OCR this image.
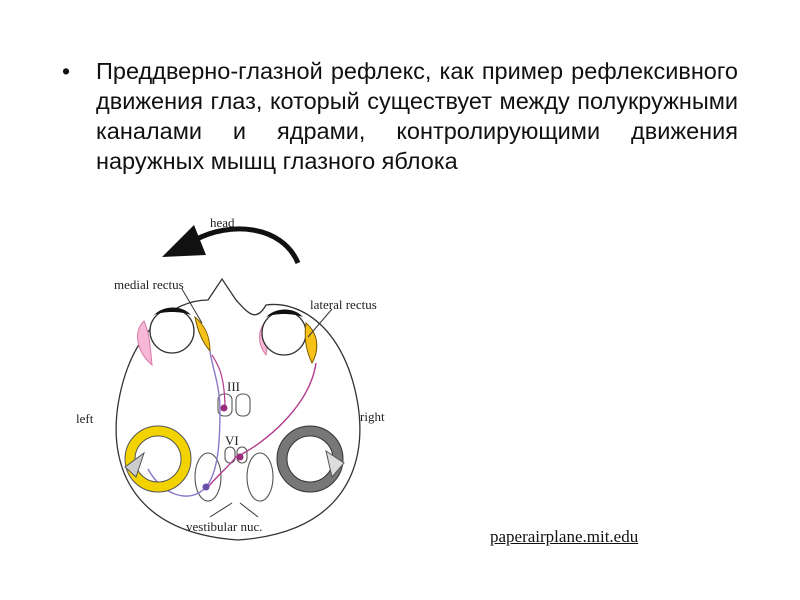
• Преддверно-глазной рефлекс, как пример рефлексивного движения глаз, который существует между полукружными каналами и ядрами, контролирующими движения наружных мышц глазного яблока
head
medial rectus
lateral rectus
left	right
III
VI
vestibular nuc.
paperairplane.mit.edu
